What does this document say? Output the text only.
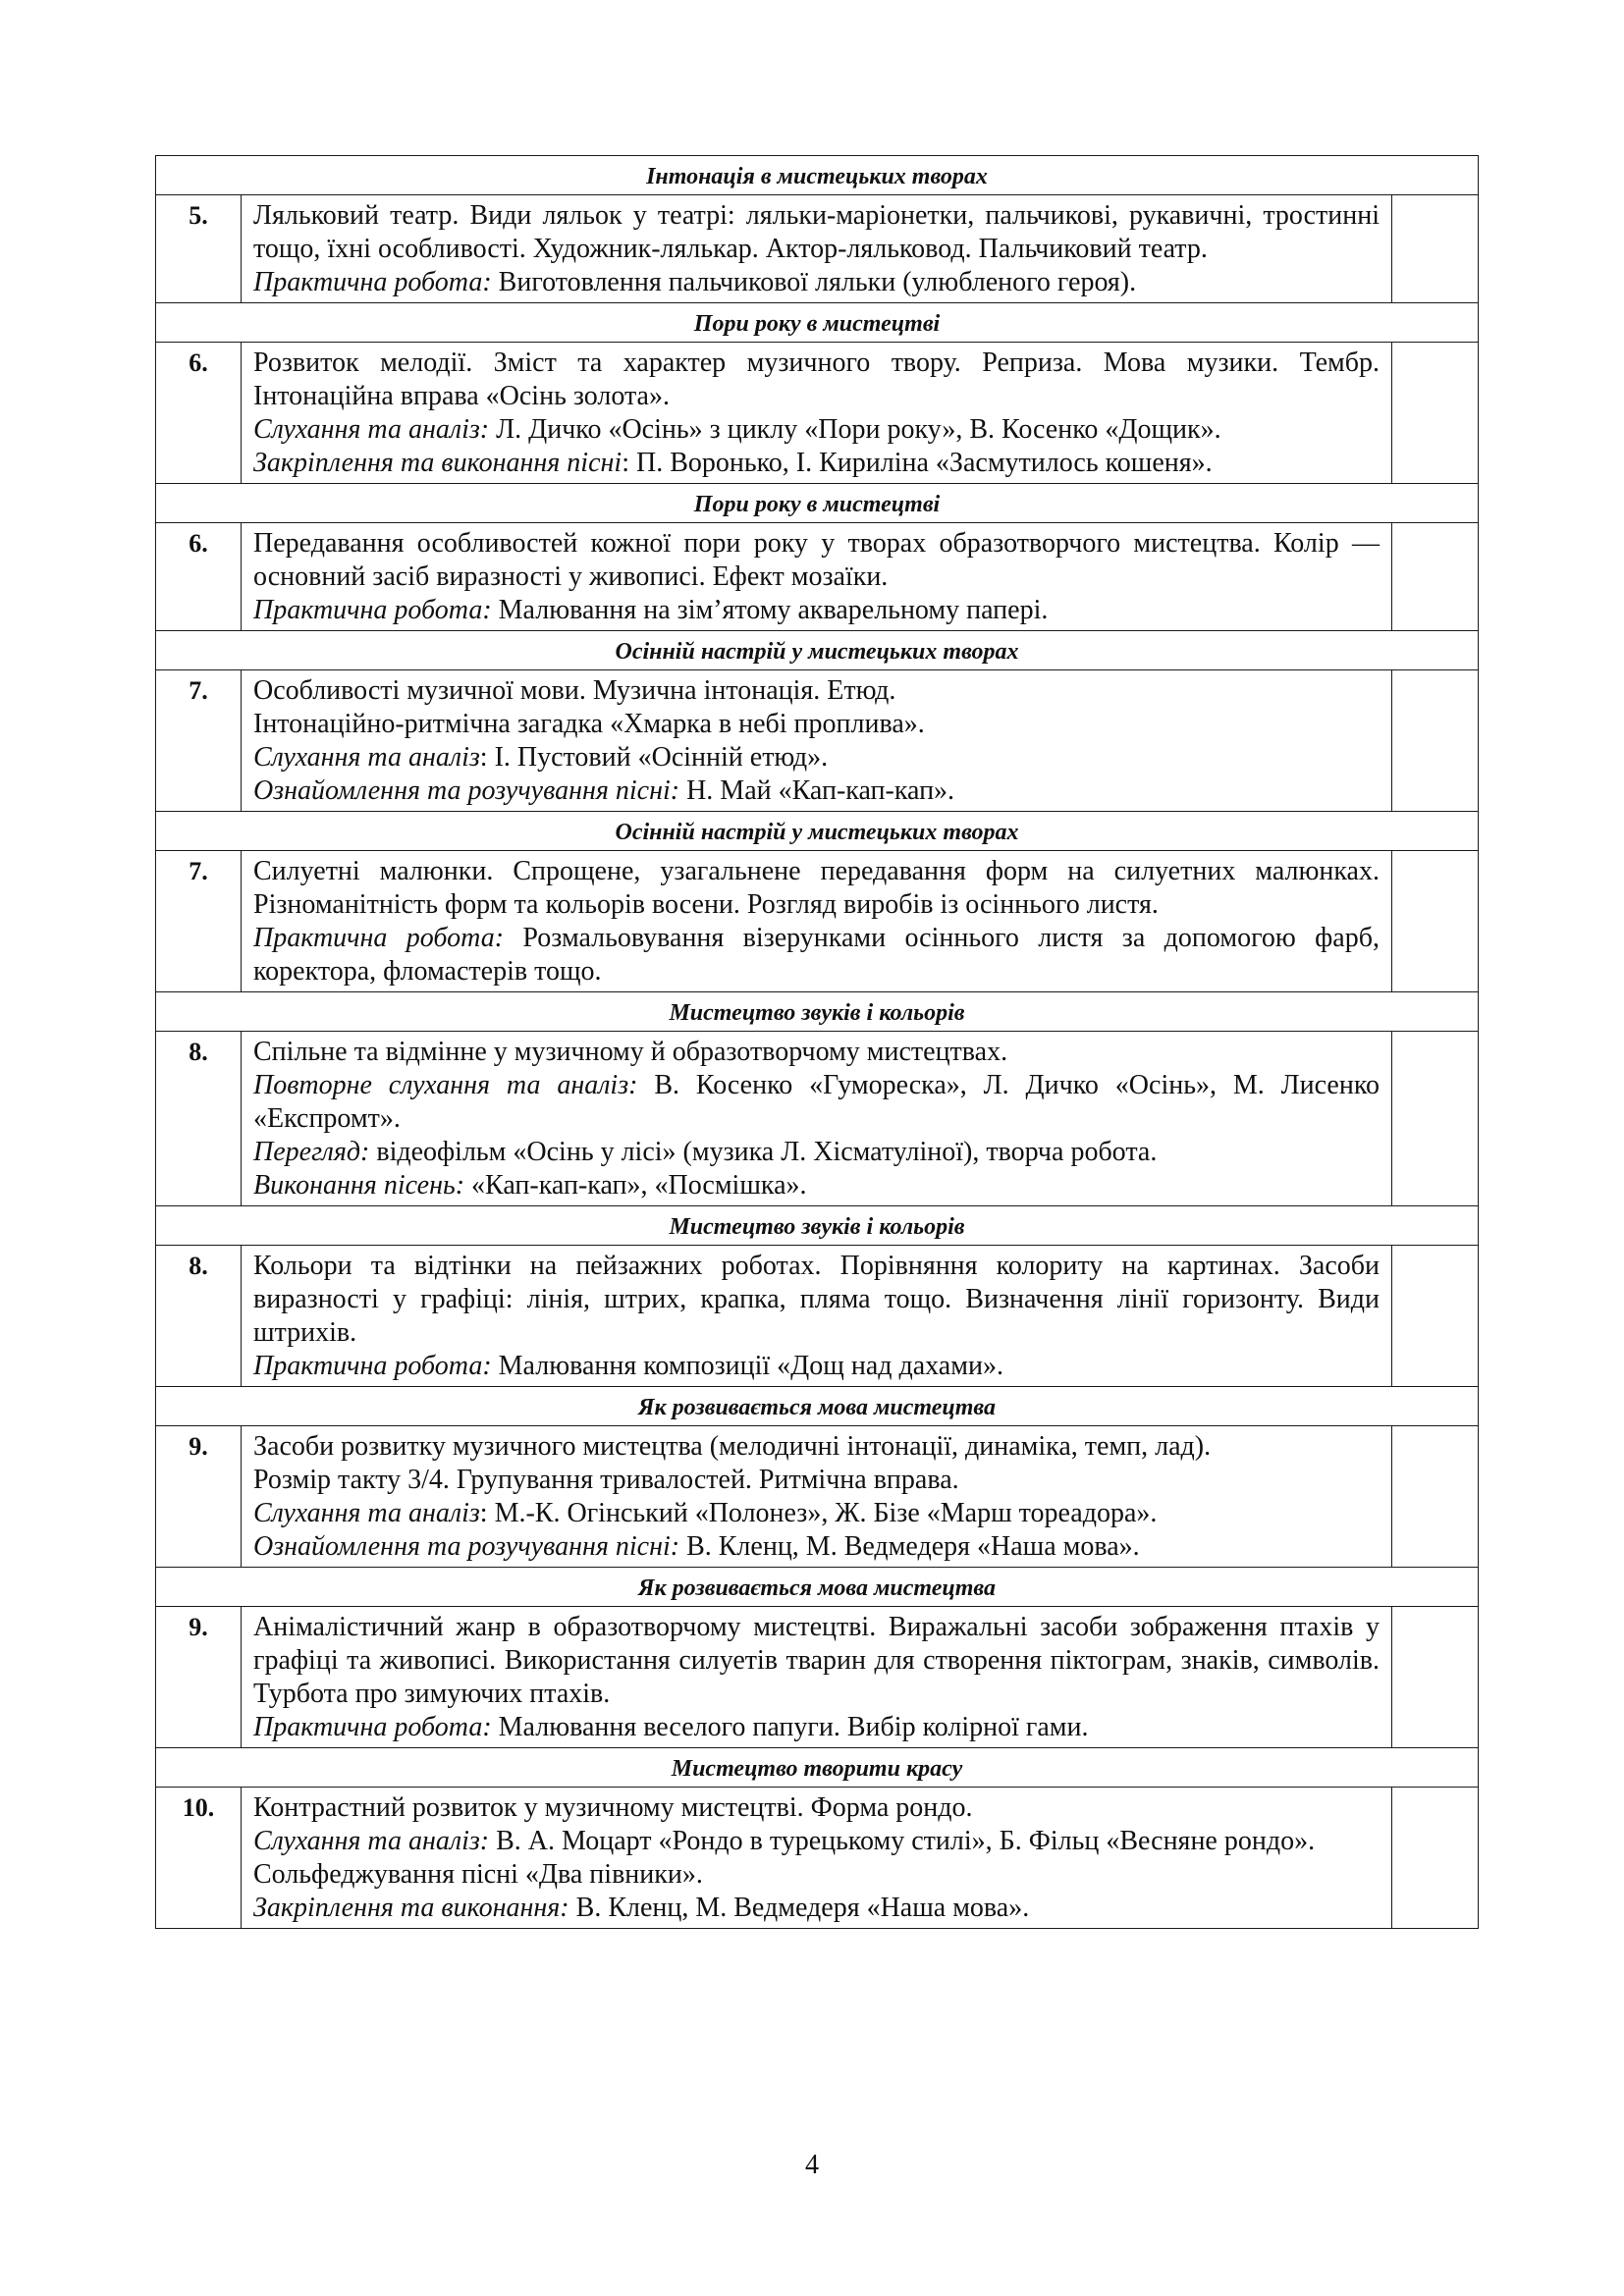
Інтонація в мистецьких творах		
5.	Ляльковий театр. Види ляльок у театрі: ляльки-маріонетки, пальчикові, рукавичні, тростинні тощо, їхні особливості. Художник-лялькар. Актор-ляльковод. Пальчиковий театр.
Практична робота: Виготовлення пальчикової ляльки (улюбленого героя).	

Пори року в мистецтві		
6.	Розвиток мелодії. Зміст та характер музичного твору. Реприза. Мова музики. Тембр. Інтонаційна вправа «Осінь золота».
Слухання та аналіз: Л. Дичко «Осінь» з циклу «Пори року», В. Косенко «Дощик».
Закріплення та виконання пісні: П. Воронько, І. Кириліна «Засмутилось кошеня».	

Пори року в мистецтві		
6.	Передавання особливостей кожної пори року у творах образотворчого мистецтва. Колір — основний засіб виразності у живописі. Ефект мозаїки.
Практична робота: Малювання на зім’ятому акварельному папері.	

Осінній настрій у мистецьких творах		
7.	Особливості музичної мови. Музична інтонація. Етюд.
Інтонаційно-ритмічна загадка «Хмарка в небі проплива».
Слухання та аналіз: І. Пустовий «Осінній етюд».
Ознайомлення та розучування пісні: Н. Май «Кап-кап-кап».	

Осінній настрій у мистецьких творах		
7.	Силуетні малюнки. Спрощене, узагальнене передавання форм на силуетних малюнках. Різноманітність форм та кольорів восени. Розгляд виробів із осіннього листя.
Практична робота: Розмальовування візерунками осіннього листя за допомогою фарб, коректора, фломастерів тощо.	

Мистецтво звуків і кольорів		
8.	Спільне та відмінне у музичному й образотворчому мистецтвах.
Повторне слухання та аналіз: В. Косенко «Гумореска», Л. Дичко «Осінь», М. Лисенко «Експромт».
Перегляд: відеофільм «Осінь у лісі» (музика Л. Хісматуліної), творча робота.
Виконання пісень: «Кап-кап-кап», «Посмішка».	

Мистецтво звуків і кольорів		
8.	Кольори та відтінки на пейзажних роботах. Порівняння колориту на картинах. Засоби виразності у графіці: лінія, штрих, крапка, пляма тощо. Визначення лінії горизонту. Види штрихів.
Практична робота: Малювання композиції «Дощ над дахами».	

Як розвивається мова мистецтва		
9.	Засоби розвитку музичного мистецтва (мелодичні інтонації, динаміка, темп, лад).
Розмір такту 3/4. Групування тривалостей. Ритмічна вправа.
Слухання та аналіз: М.-К. Огінський «Полонез», Ж. Бізе «Марш тореадора».
Ознайомлення та розучування пісні: В. Кленц, М. Ведмедеря «Наша мова».	

Як розвивається мова мистецтва		
9.	Анімалістичний жанр в образотворчому мистецтві. Виражальні засоби зображення птахів у графіці та живописі. Використання силуетів тварин для створення піктограм, знаків, символів. Турбота про зимуючих птахів.
Практична робота: Малювання веселого папуги. Вибір колірної гами.	

Мистецтво творити красу		
10.	Контрастний розвиток у музичному мистецтві. Форма рондо.
Слухання та аналіз: В. А. Моцарт «Рондо в турецькому стилі», Б. Фільц «Весняне рондо».
Сольфеджування пісні «Два півники».
Закріплення та виконання: В. Кленц, М. Ведмедеря «Наша мова».	

4
